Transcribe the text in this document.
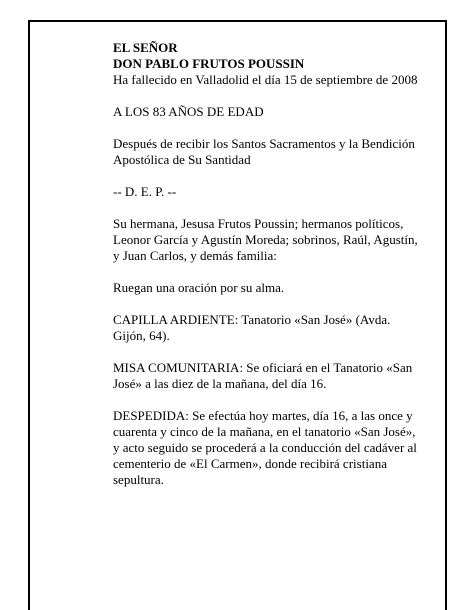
EL SEÑOR

DON PABLO FRUTOS POUSSIN

Ha fallecido en Valladolid el día 15 de septiembre de 2008

A LOS 83 AÑOS DE EDAD

Después de recibir los Santos Sacramentos y la Bendición Apostólica de Su Santidad

-- D. E. P. --

Su hermana, Jesusa Frutos Poussin; hermanos políticos, Leonor García y Agustín Moreda; sobrinos, Raúl, Agustín, y Juan Carlos, y demás familia:

Ruegan una oración por su alma.

CAPILLA ARDIENTE: Tanatorio «San José» (Avda. Gijón, 64).

MISA COMUNITARIA: Se oficiará en el Tanatorio «San José» a las diez de la mañana, del día 16.

DESPEDIDA: Se efectúa hoy martes, día 16, a las once y cuarenta y cinco de la mañana, en el tanatorio «San José», y acto seguido se procederá a la conducción del cadáver al cementerio de «El Carmen», donde recibirá cristiana sepultura.
